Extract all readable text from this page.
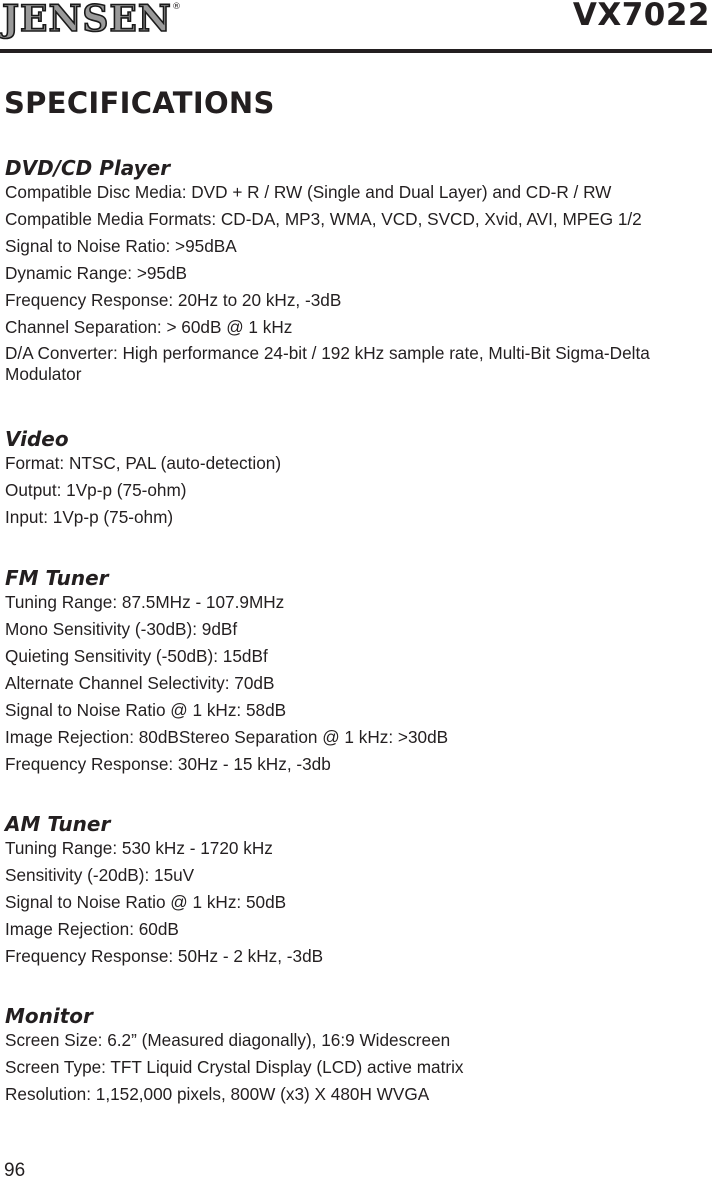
JENSEN ®	VX7022
SPECIFICATIONS
DVD/CD Player
Compatible Disc Media: DVD + R / RW (Single and Dual Layer) and CD-R / RW
Compatible Media Formats: CD-DA, MP3, WMA, VCD, SVCD, Xvid, AVI, MPEG 1/2
Signal to Noise Ratio: >95dBA
Dynamic Range: >95dB
Frequency Response: 20Hz to 20 kHz, -3dB
Channel Separation: > 60dB @ 1 kHz
D/A Converter: High performance 24-bit / 192 kHz sample rate, Multi-Bit Sigma-Delta Modulator
Video
Format: NTSC, PAL (auto-detection)
Output: 1Vp-p (75-ohm)
Input: 1Vp-p (75-ohm)
FM Tuner
Tuning Range: 87.5MHz - 107.9MHz
Mono Sensitivity (-30dB): 9dBf
Quieting Sensitivity (-50dB): 15dBf
Alternate Channel Selectivity: 70dB
Signal to Noise Ratio @ 1 kHz: 58dB
Image Rejection: 80dBStereo Separation @ 1 kHz: >30dB
Frequency Response: 30Hz - 15 kHz, -3db
AM Tuner
Tuning Range: 530 kHz - 1720 kHz
Sensitivity (-20dB): 15uV
Signal to Noise Ratio @ 1 kHz: 50dB
Image Rejection: 60dB
Frequency Response: 50Hz - 2 kHz, -3dB
Monitor
Screen Size: 6.2” (Measured diagonally), 16:9 Widescreen
Screen Type: TFT Liquid Crystal Display (LCD) active matrix
Resolution: 1,152,000 pixels, 800W (x3) X 480H WVGA
96
